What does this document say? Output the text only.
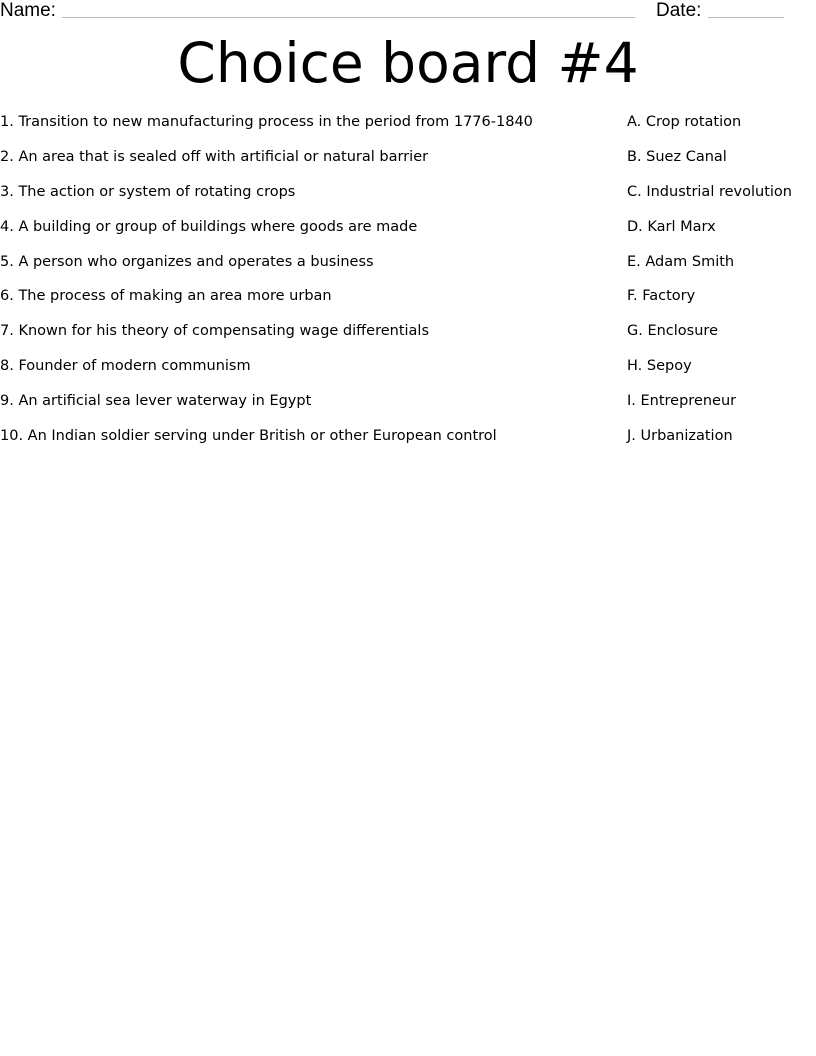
Name:	Date:
Choice board #4
1. Transition to new manufacturing process in the period from 1776-1840
2. An area that is sealed off with artificial or natural barrier
3. The action or system of rotating crops
4. A building or group of buildings where goods are made
5. A person who organizes and operates a business
6. The process of making an area more urban
7. Known for his theory of compensating wage differentials
8. Founder of modern communism
9. An artificial sea lever waterway in Egypt
10. An Indian soldier serving under British or other European control
A. Crop rotation
B. Suez Canal
C. Industrial revolution
D. Karl Marx
E. Adam Smith
F. Factory
G. Enclosure
H. Sepoy
I. Entrepreneur
J. Urbanization
